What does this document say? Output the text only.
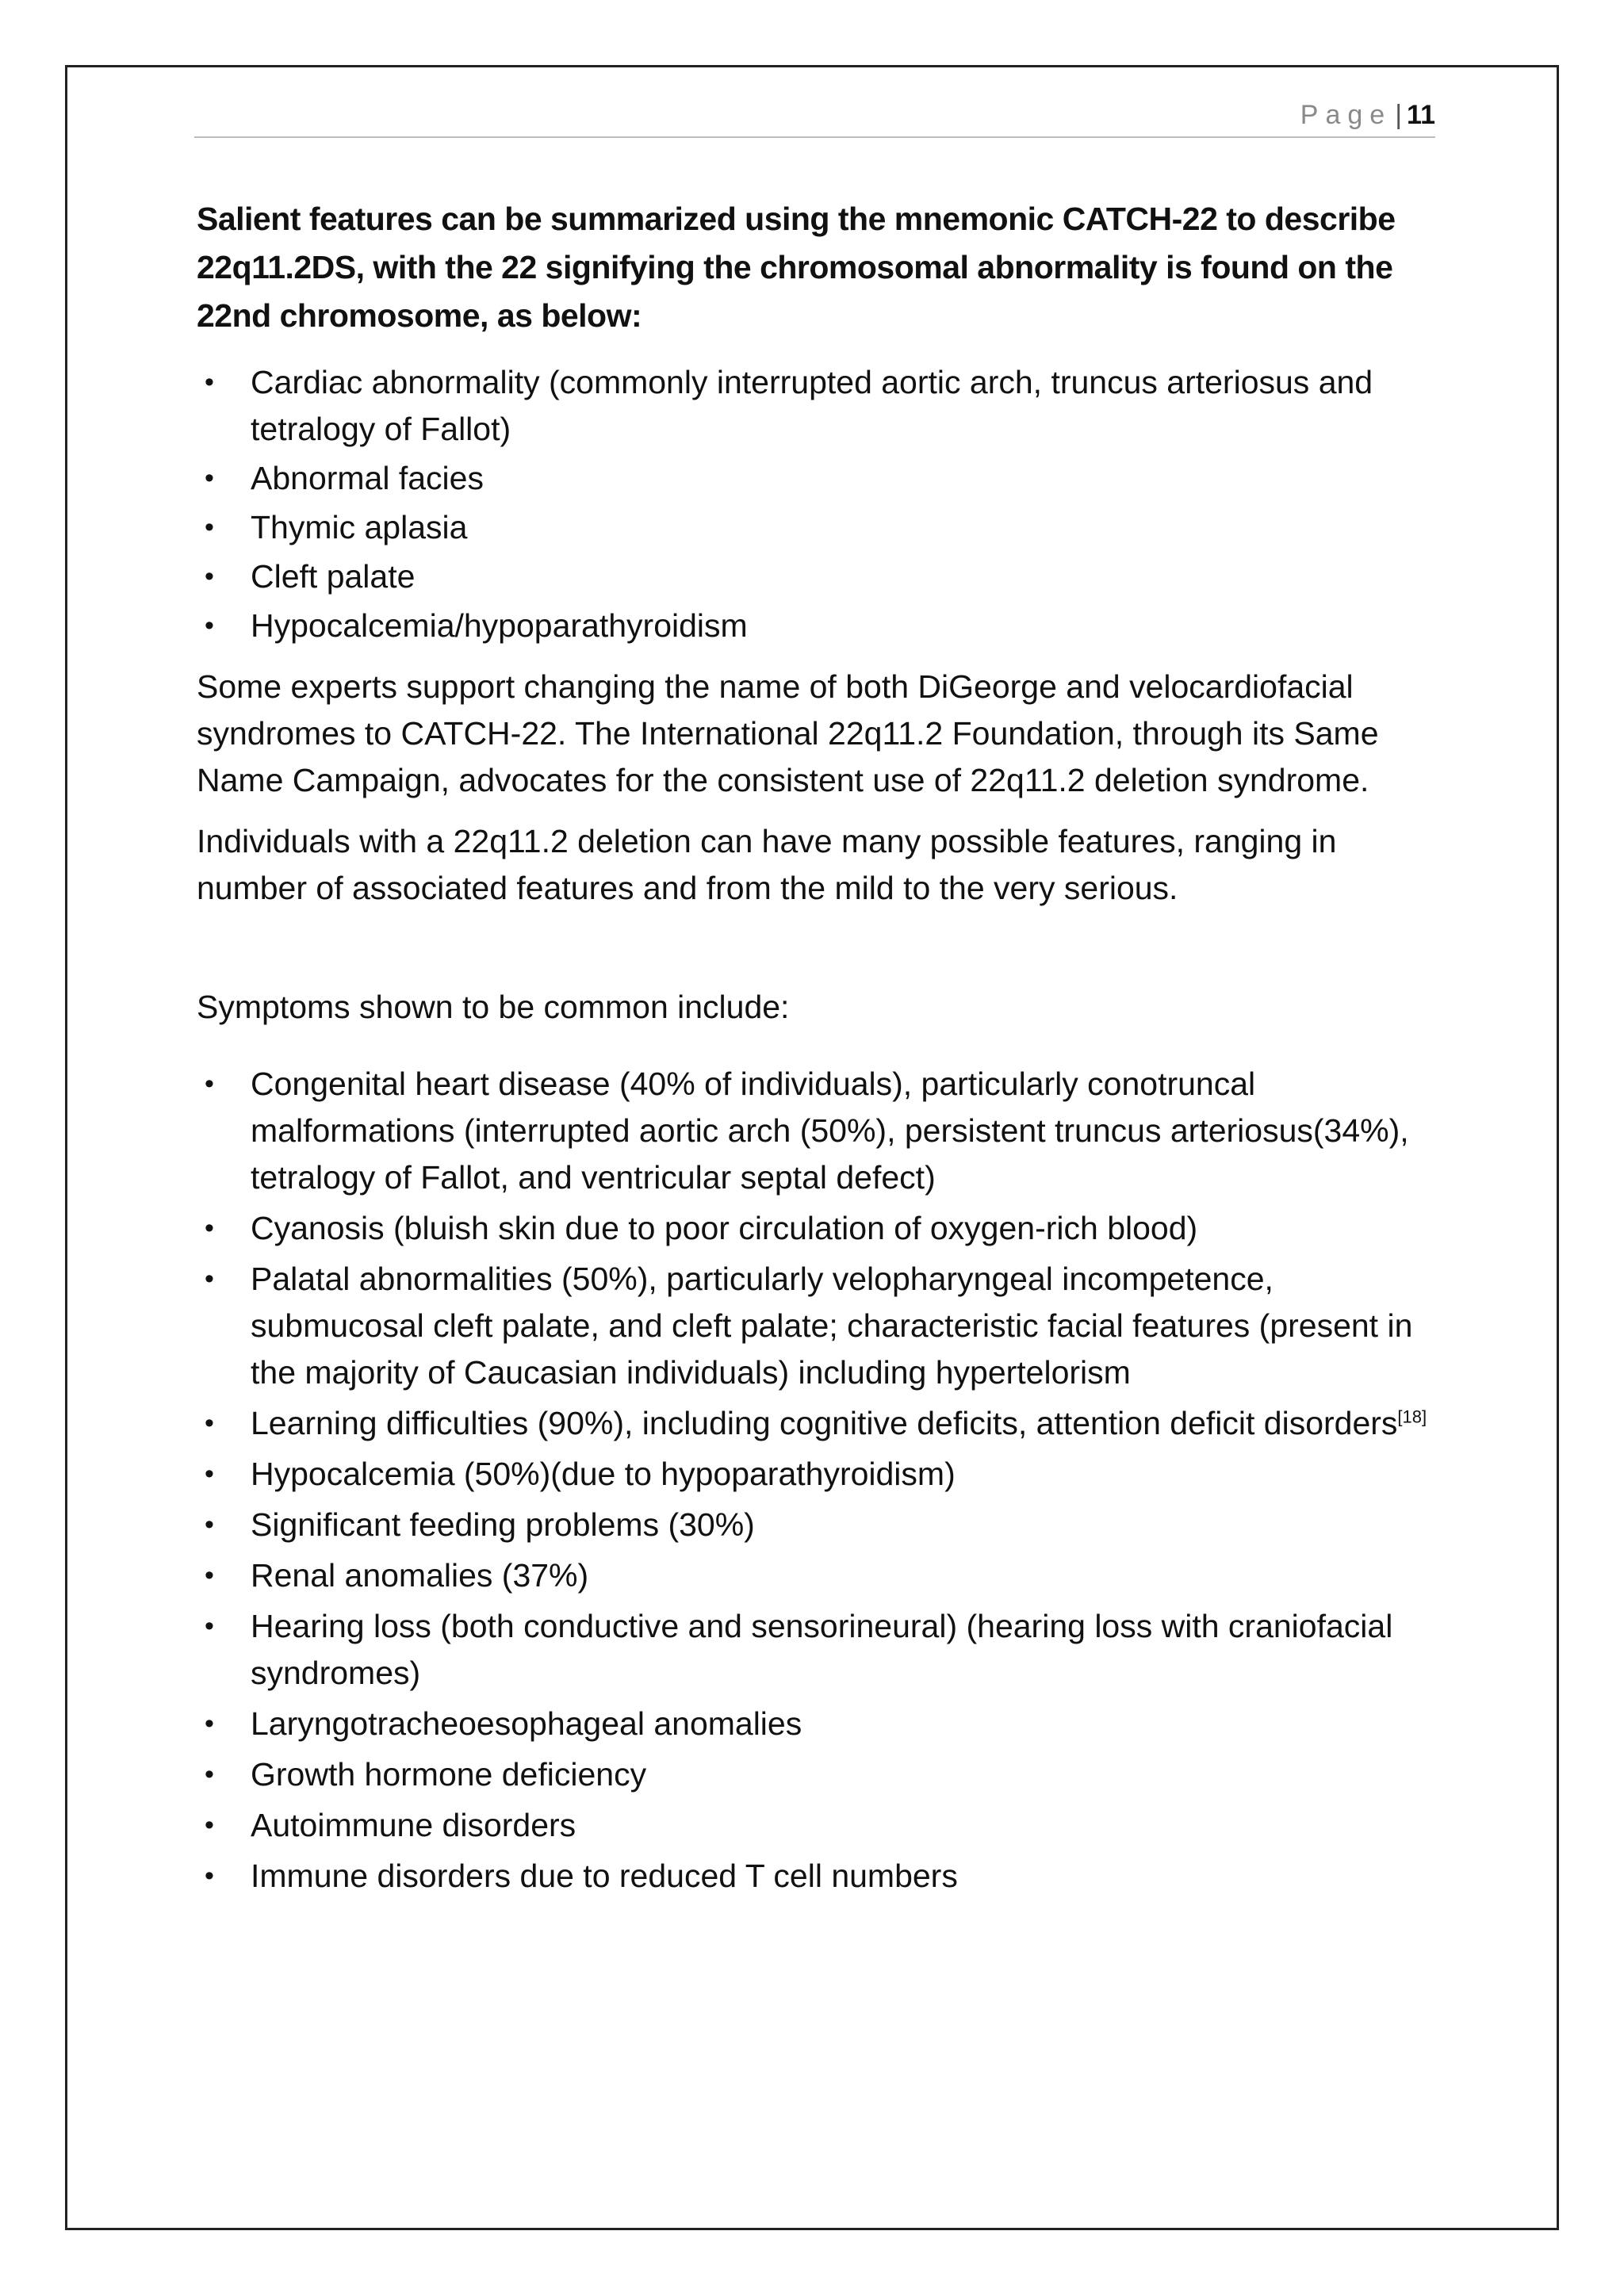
Page | 11

Salient features can be summarized using the mnemonic CATCH-22 to describe 22q11.2DS, with the 22 signifying the chromosomal abnormality is found on the 22nd chromosome, as below:

• Cardiac abnormality (commonly interrupted aortic arch, truncus arteriosus and tetralogy of Fallot)
• Abnormal facies
• Thymic aplasia
• Cleft palate
• Hypocalcemia/hypoparathyroidism

Some experts support changing the name of both DiGeorge and velocardiofacial syndromes to CATCH-22. The International 22q11.2 Foundation, through its Same Name Campaign, advocates for the consistent use of 22q11.2 deletion syndrome.

Individuals with a 22q11.2 deletion can have many possible features, ranging in number of associated features and from the mild to the very serious.

Symptoms shown to be common include:

• Congenital heart disease (40% of individuals), particularly conotruncal malformations (interrupted aortic arch (50%), persistent truncus arteriosus(34%), tetralogy of Fallot, and ventricular septal defect)
• Cyanosis (bluish skin due to poor circulation of oxygen-rich blood)
• Palatal abnormalities (50%), particularly velopharyngeal incompetence, submucosal cleft palate, and cleft palate; characteristic facial features (present in the majority of Caucasian individuals) including hypertelorism
• Learning difficulties (90%), including cognitive deficits, attention deficit disorders[18]
• Hypocalcemia (50%)(due to hypoparathyroidism)
• Significant feeding problems (30%)
• Renal anomalies (37%)
• Hearing loss (both conductive and sensorineural) (hearing loss with craniofacial syndromes)
• Laryngotracheoesophageal anomalies
• Growth hormone deficiency
• Autoimmune disorders
• Immune disorders due to reduced T cell numbers
